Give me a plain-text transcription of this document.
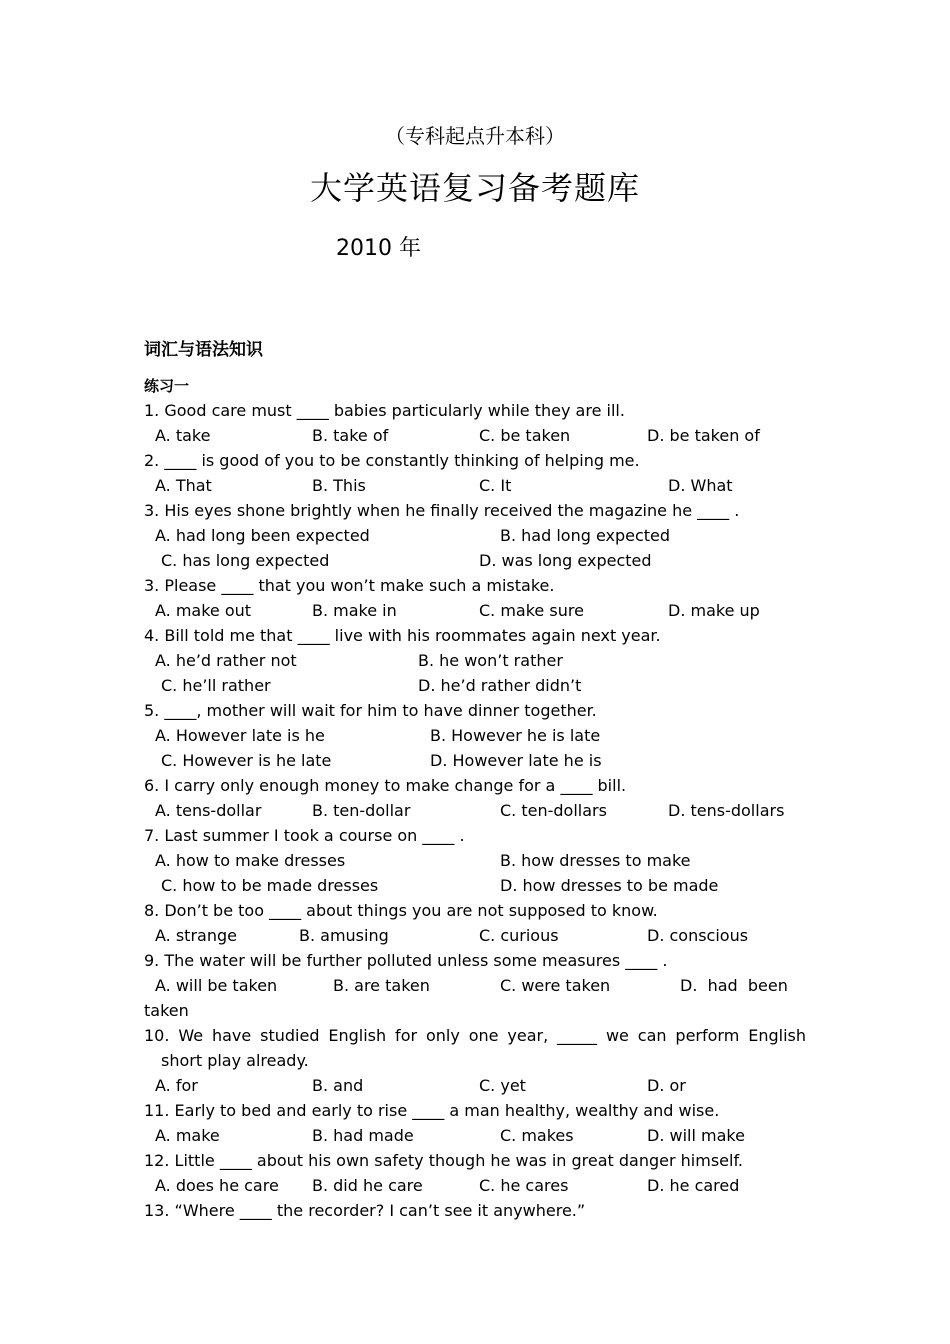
（专科起点升本科）
大学英语复习备考题库
2010 年
词汇与语法知识
练习一
1. Good care must ____ babies particularly while they are ill.
A. take	B. take of	C. be taken	D. be taken of
2. ____ is good of you to be constantly thinking of helping me.
A. That	B. This	C. It	D. What
3. His eyes shone brightly when he finally received the magazine he ____ .
A. had long been expected	B. had long expected
C. has long expected	D. was long expected
3. Please ____ that you won’t make such a mistake.
A. make out	B. make in	C. make sure	D. make up
4. Bill told me that ____ live with his roommates again next year.
A. he’d rather not	B. he won’t rather
C. he’ll rather	D. he’d rather didn’t
5. ____, mother will wait for him to have dinner together.
A. However late is he	B. However he is late
C. However is he late	D. However late he is
6. I carry only enough money to make change for a ____ bill.
A. tens-dollar	B. ten-dollar	C. ten-dollars	D. tens-dollars
7. Last summer I took a course on ____ .
A. how to make dresses	B. how dresses to make
C. how to be made dresses	D. how dresses to be made
8. Don’t be too ____ about things you are not supposed to know.
A. strange	B. amusing	C. curious	D. conscious
9. The water will be further polluted unless some measures ____ .
A. will be taken	B. are taken	C. were taken	D.  had  been
taken
10. We have studied English for only one year, _____ we can perform English
short play already.
A. for	B. and	C. yet	D. or
11. Early to bed and early to rise ____ a man healthy, wealthy and wise.
A. make	B. had made	C. makes	D. will make
12. Little ____ about his own safety though he was in great danger himself.
A. does he care B. did he care	C. he cares	D. he cared
13. “Where ____ the recorder? I can’t see it anywhere.”
